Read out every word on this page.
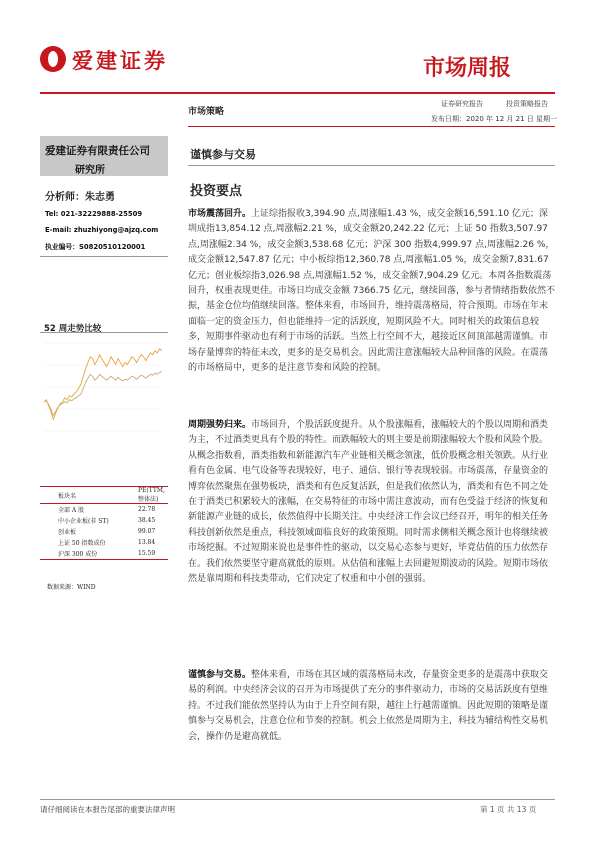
爱建证券	市场周报
市场策略
证券研究报告	投资策略报告
发布日期：2020 年 12 月 21 日 星期一
爱建证券有限责任公司
研究所
分析师：朱志勇
Tel: 021-32229888-25509
E-mail: zhuzhiyong@ajzq.com
执业编号：S0820510120001
52 周走势比较
板块名	PE(TTM, 整体法)
全部 A 股	22.78
中小企业板(非 ST)	38.45
创业板	99.07
上证 50 指数成份	13.84
沪深 300 成份	15.59
数据来源：WIND
谨慎参与交易
投资要点
市场震荡回升。上证综指报收3,394.90 点,周涨幅1.43 %，成交金额16,591.10 亿元；深圳成指13,854.12 点,周涨幅2.21 %，成交金额20,242.22 亿元；上证 50 指数3,507.97 点,周涨幅2.34 %，成交金额3,538.68 亿元；沪深 300 指数4,999.97 点,周涨幅2.26 %，成交金额12,547.87 亿元；中小板综指12,360.78 点,周涨幅1.05 %，成交金额7,831.67 亿元；创业板综指3,026.98 点,周涨幅1.52 %，成交金额7,904.29 亿元。本周各指数震荡回升，权重表现更佳。市场日均成交金额 7366.75 亿元，继续回落，参与者情绪指数依然不振，基金仓位均值继续回落。整体来看，市场回升，维持震荡格局，符合预期。市场在年末面临一定的资金压力，但也能维持一定的活跃度，短期风险不大。同时相关的政策信息较多，短期事件驱动也有利于市场的活跃。当然上行空间不大，越接近区间顶部越需谨慎。市场存量博弈的特征未改，更多的是交易机会。因此需注意涨幅较大品种回落的风险。在震荡的市场格局中，更多的是注意节奏和风险的控制。
周期强势归来。市场回升，个股活跃度提升。从个股涨幅看，涨幅较大的个股以周期和酒类为主，不过酒类更具有个股的特性。而跌幅较大的则主要是前期涨幅较大个股和风险个股。从概念指数看，酒类指数和新能源汽车产业链相关概念领涨，低价股概念相关领跌。从行业看有色金属、电气设备等表现较好，电子、通信、银行等表现较弱。市场震荡，存量资金的博弈依然聚焦在强势板块，酒类和有色反复活跃，但是我们依然认为，酒类和有色不同之处在于酒类已积累较大的涨幅，在交易特征的市场中需注意波动，而有色受益于经济的恢复和新能源产业链的成长，依然值得中长期关注。中央经济工作会议已经召开，明年的相关任务科技创新依然是重点，科技领域面临良好的政策预期。同时需求侧相关概念预计也将继续被市场挖掘。不过短期来说也是事件性的驱动，以交易心态参与更好，毕竟估值的压力依然存在。我们依然要坚守避高就低的原则。从估值和涨幅上去回避短期波动的风险。短期市场依然是靠周期和科技类带动，它们决定了权重和中小创的强弱。
谨慎参与交易。整体来看，市场在其区域的震荡格局未改，存量资金更多的是震荡中获取交易的利润。中央经济会议的召开为市场提供了充分的事件驱动力，市场的交易活跃度有望维持。不过我们能依然坚持认为由于上升空间有限，越往上行越需谨慎。因此短期的策略是谨慎参与交易机会，注意仓位和节奏的控制。机会上依然是周期为主，科技为辅结构性交易机会，操作仍是避高就低。
请仔细阅读在本报告尾部的重要法律声明	第 1 页 共 13 页
